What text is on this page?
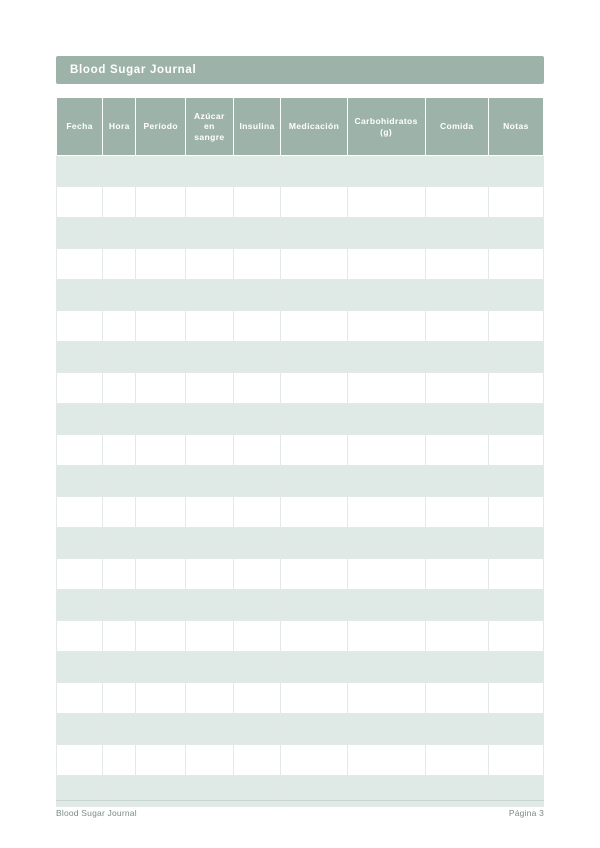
Blood Sugar Journal
Fecha	Hora	Período	Azúcar en sangre	Insulina	Medicación	Carbohidratos (g)	Comida	Notas

Blood Sugar Journal	Página 3
